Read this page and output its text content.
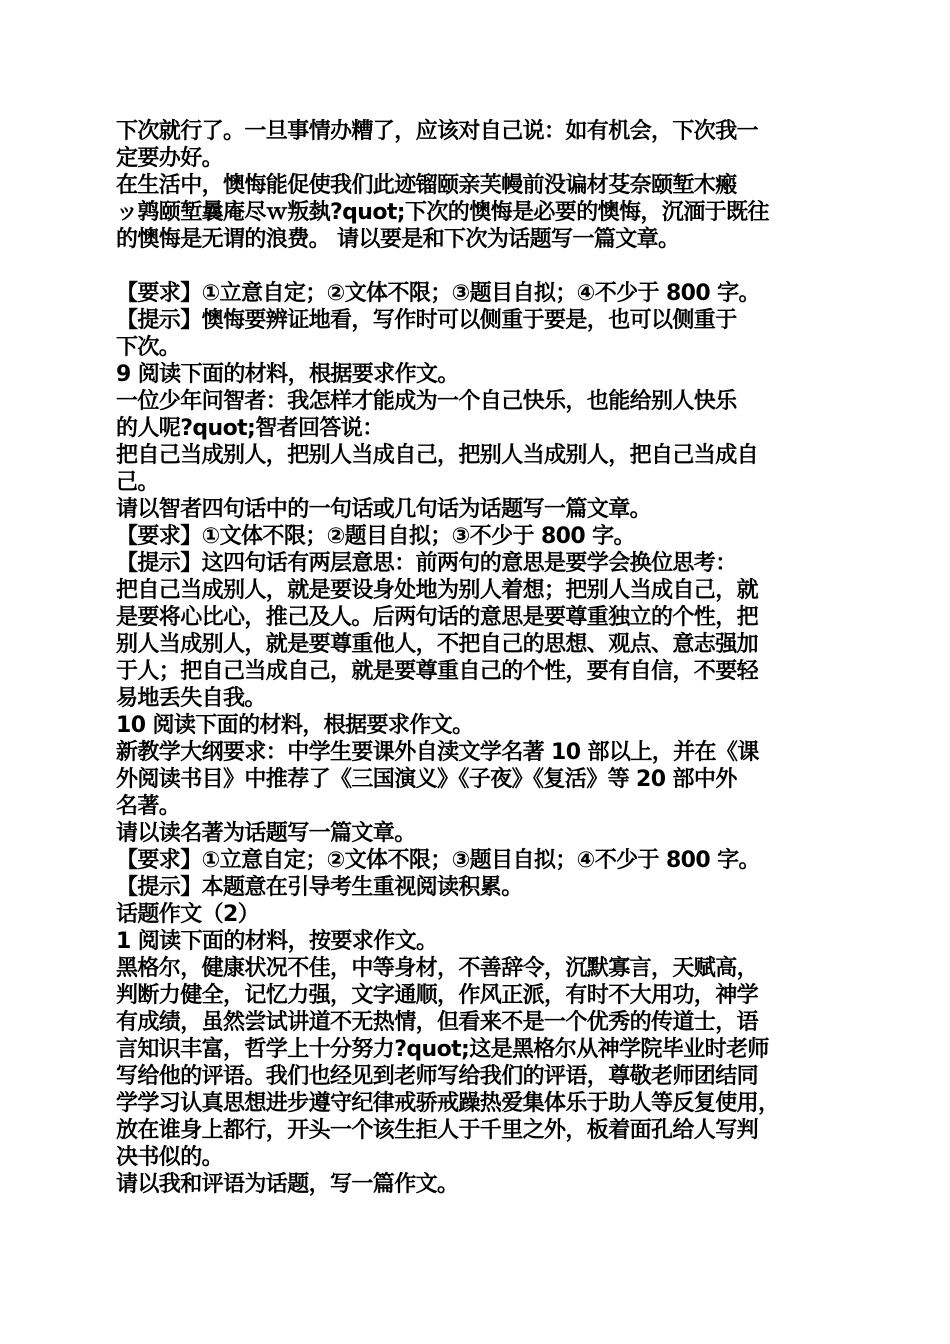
下次就行了。一旦事情办糟了，应该对自己说：如有机会，下次我一
定要办好。
在生活中，懊悔能促使我们此迹镏颐亲芙幔前没谝材芟奈颐堑木瘢
ッ鹑颐堑曩庵尽ｗ叛埶?quot;下次的懊悔是必要的懊悔，沉湎于既往
的懊悔是无谓的浪费。 请以要是和下次为话题写一篇文章。
【要求】①立意自定；②文体不限；③题目自拟；④不少于 800 字。
【提示】懊悔要辨证地看，写作时可以侧重于要是，也可以侧重于
下次。
9 阅读下面的材料，根据要求作文。
一位少年问智者：我怎样才能成为一个自己快乐，也能给别人快乐
的人呢?quot;智者回答说：
把自己当成别人，把别人当成自己，把别人当成别人，把自己当成自
己。
请以智者四句话中的一句话或几句话为话题写一篇文章。
【要求】①文体不限；②题目自拟；③不少于 800 字。
【提示】这四句话有两层意思：前两句的意思是要学会换位思考：
把自己当成别人，就是要设身处地为别人着想；把别人当成自己，就
是要将心比心，推己及人。后两句话的意思是要尊重独立的个性，把
别人当成别人，就是要尊重他人，不把自己的思想、观点、意志强加
于人；把自己当成自己，就是要尊重自己的个性，要有自信，不要轻
易地丢失自我。
10 阅读下面的材料，根据要求作文。
新教学大纲要求：中学生要课外自渎文学名著 10 部以上，并在《课
外阅读书目》中推荐了《三国演义》《子夜》《复活》等 20 部中外
名著。
请以读名著为话题写一篇文章。
【要求】①立意自定；②文体不限；③题目自拟；④不少于 800 字。
【提示】本题意在引导考生重视阅读积累。
话题作文（2）
1 阅读下面的材料，按要求作文。
黑格尔，健康状况不佳，中等身材，不善辞令，沉默寡言，天赋高，
判断力健全，记忆力强，文字通顺，作风正派，有时不大用功，神学
有成绩，虽然尝试讲道不无热情，但看来不是一个优秀的传道士，语
言知识丰富，哲学上十分努力?quot;这是黑格尔从神学院毕业时老师
写给他的评语。我们也经见到老师写给我们的评语，尊敬老师团结同
学学习认真思想进步遵守纪律戒骄戒躁热爱集体乐于助人等反复使用，
放在谁身上都行，开头一个该生拒人于千里之外，板着面孔给人写判
决书似的。
请以我和评语为话题，写一篇作文。
